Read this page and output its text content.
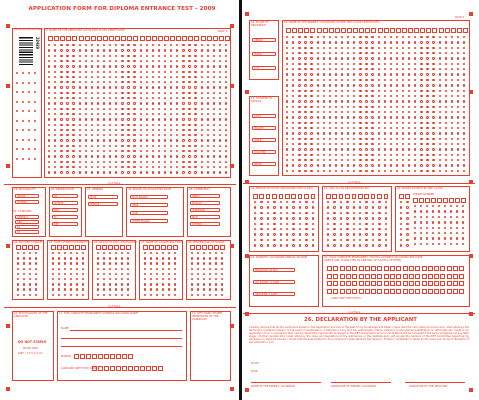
APPLICATION FORM FOR DIPLOMA ENTRANCE TEST - 2009
PAGE 1
APPLICATION NUMBER
28489
2. NAME OF THE APPLICANT (AS IN 10th CLASS CERTIFICATE)
Cut Here
18. NATIONALITY
INDIAN
OTHERS
19. CATEGORY
GENERAL
OBC
SC
ST
20. RESERVATION
PH
SPORTS
NCC
FF
DEF
21. GENDER
MALE
FEMALE
22. BOARD OF QUALIFYING EXAM
MAH. BOARD
CBSE
ICSE
OTHER BOARD
23. COMMUNITY
HINDU
MUSLIM
CHRISTIAN
SIKH
OTHERS
24. MOTHER TONGUE	25. DATE OF BIRTH (DD/MM/YY) 26. GROUP IN 10th / EQUIVALENT 27. NAME OF QUALIFYING EXAM 28. PERCENTAGE OF MARKS
Cut Here
10. PHOTOGRAPH OF THE APPLICANT
DO NOT STAPLE
PASTE ONLY
SIZE : 3.5 X 4.5 cm
11. FOR COMPLETE PERMANENT ADDRESS INCLUDING NAME
NAME
MOBILE
LANDLINE (WITH STD CODE)
12. LEFT HAND THUMB IMPRESSION OF THE CANDIDATE
PAGE 2
15. PLACE OF RESIDENCE
URBAN
RURAL
CITY
17. STUDENT IN SCHOOL
GOVT
PRIVATE
AIDED
COACHED
MEDIA
16. NAME OF THE PARENT / GUARDIAN (AS PER 10th CLASS CERTIFICATE)
Cut Here
18. PERIOD OF STUDY (INCLUDING 10th CLASS)	19. 10th CLASS REGISTRATION NO.	20. MARKS SCORED IN 10th CLASS
PHONE NUMBER
21. PARENTS / GUARDIAN ANNUAL INCOME
BELOW RS. 44,500
RS. 44,500 - 1 LAKH
ABOVE RS. 1 LAKH
24. YOUR COMPLETE PERMANENT / POSTAL ADDRESS INCLUDING PIN CODE
(WRITE ONE CHARACTER IN ONE BOX OF CAPITAL LETTERS)
LAND LINE (WITH STD)
Cut Here
26. DECLARATION BY THE APPLICANT
I hereby declare that all the particulars stated in this application are true to the best of my knowledge and belief. I have read the information brochure and I shall abide by the terms and conditions therein. In the event of suppression or distortion of any fact like examination marks, category or educational qualification or nationality etc. made in my application form, I understand that I will be denied the opportunity to appear in the DET examination and my candidature will be cancelled if the same is detected at any later stage. I further declare that I shall abide by the rules and regulations of the admissions in the Institute and I will accept the decision of the DET Committee regarding my admission to Diploma Course. I admit that the seat allotted to me is final and I shall abide by the decision. Further, I undertake to abide by the rules and norms of discipline of the institution I join.
PLACE
DATE
NAME OF THE PARENT / GUARDIAN	SIGNATURE OF PARENT / GUARDIAN	SIGNATURE OF THE APPLICANT
